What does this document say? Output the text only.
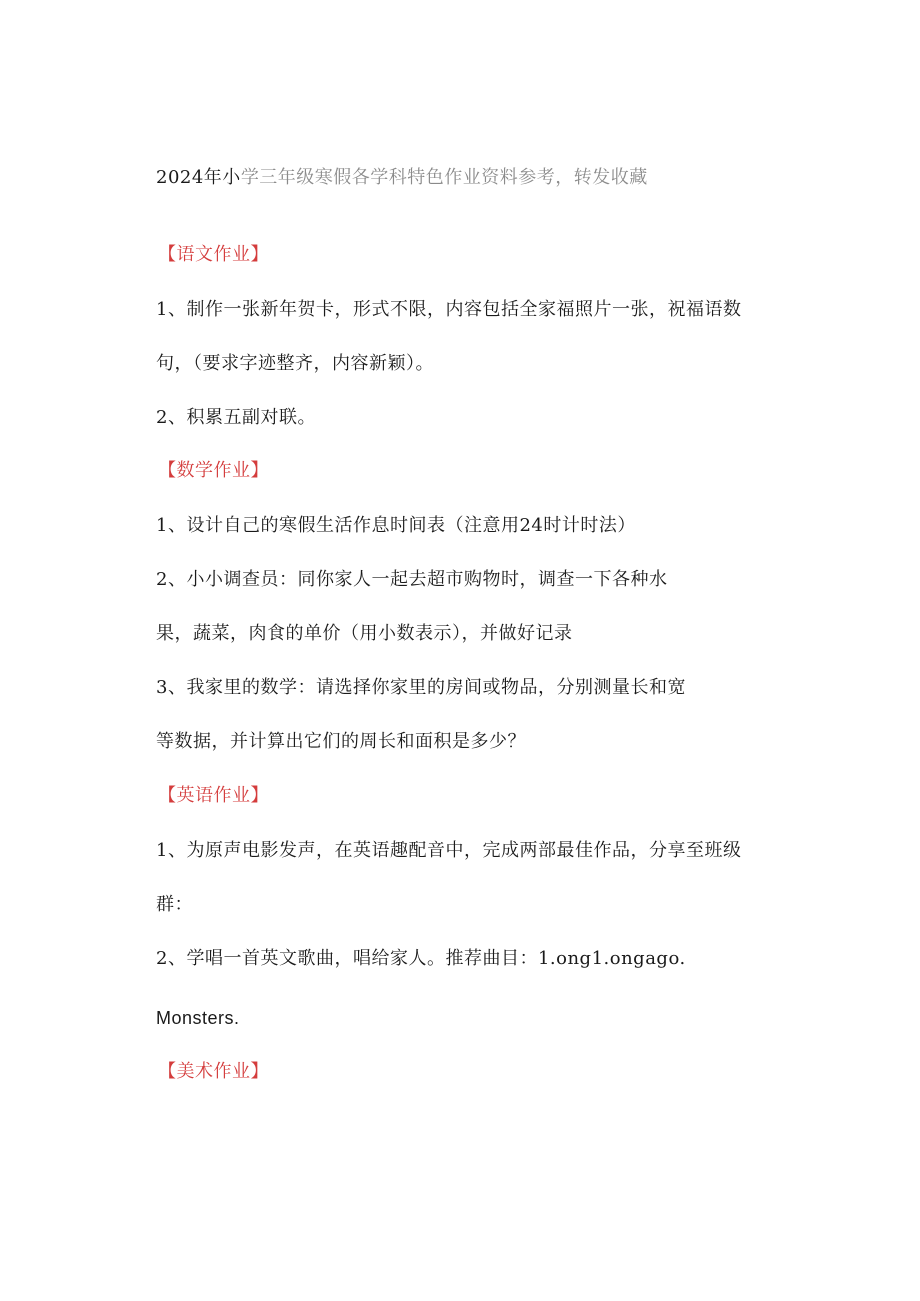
2024年小学三年级寒假各学科特色作业资料参考，转发收藏
【语文作业】
1、制作一张新年贺卡，形式不限，内容包括全家福照片一张，祝福语数
句，（要求字迹整齐，内容新颖）。
2、积累五副对联。
【数学作业】
1、设计自己的寒假生活作息时间表（注意用24时计时法）
2、小小调查员：同你家人一起去超市购物时，调查一下各种水
果，蔬菜，肉食的单价（用小数表示），并做好记录
3、我家里的数学：请选择你家里的房间或物品，分别测量长和宽
等数据，并计算出它们的周长和面积是多少？
【英语作业】
1、为原声电影发声，在英语趣配音中，完成两部最佳作品，分享至班级
群：
2、学唱一首英文歌曲，唱给家人。推荐曲目：1.ong1.ongago.
Monsters.
【美术作业】
